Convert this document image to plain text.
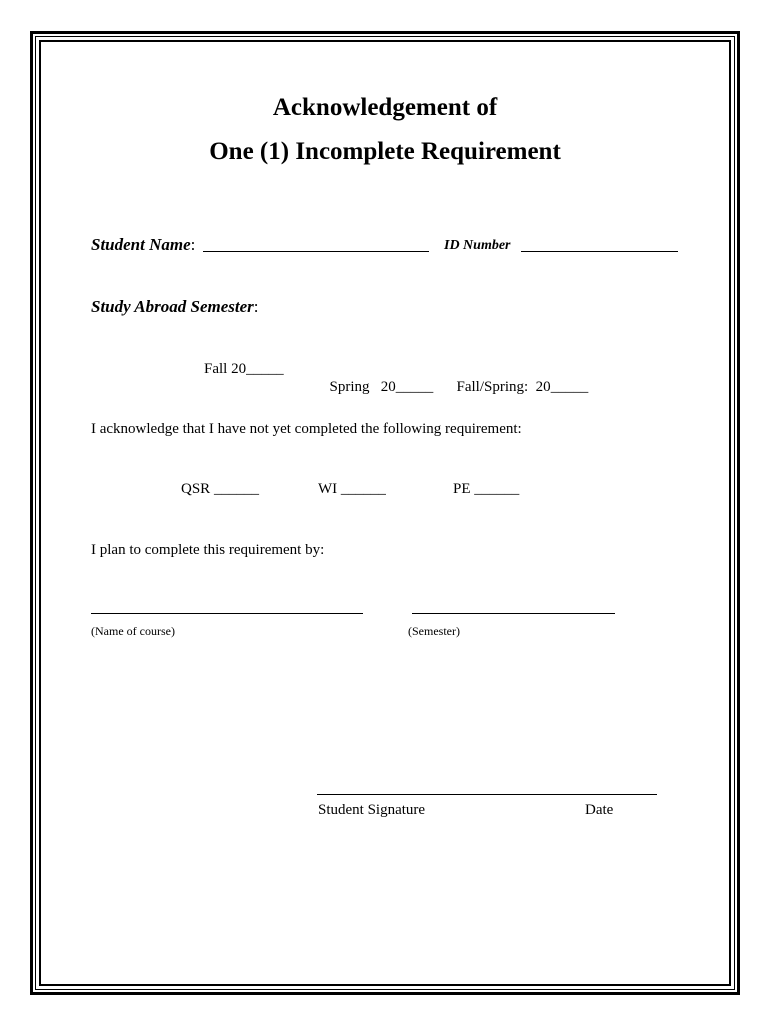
Acknowledgement of
One (1) Incomplete Requirement
Student Name:	ID Number
Study Abroad Semester:
Fall 20_____

Spring   20_____	Fall/Spring:  20_____

I acknowledge that I have not yet completed the following requirement:
QSR ______	WI ______	PE ______
I plan to complete this requirement by:
(Name of course)	(Semester)
Student Signature	Date
